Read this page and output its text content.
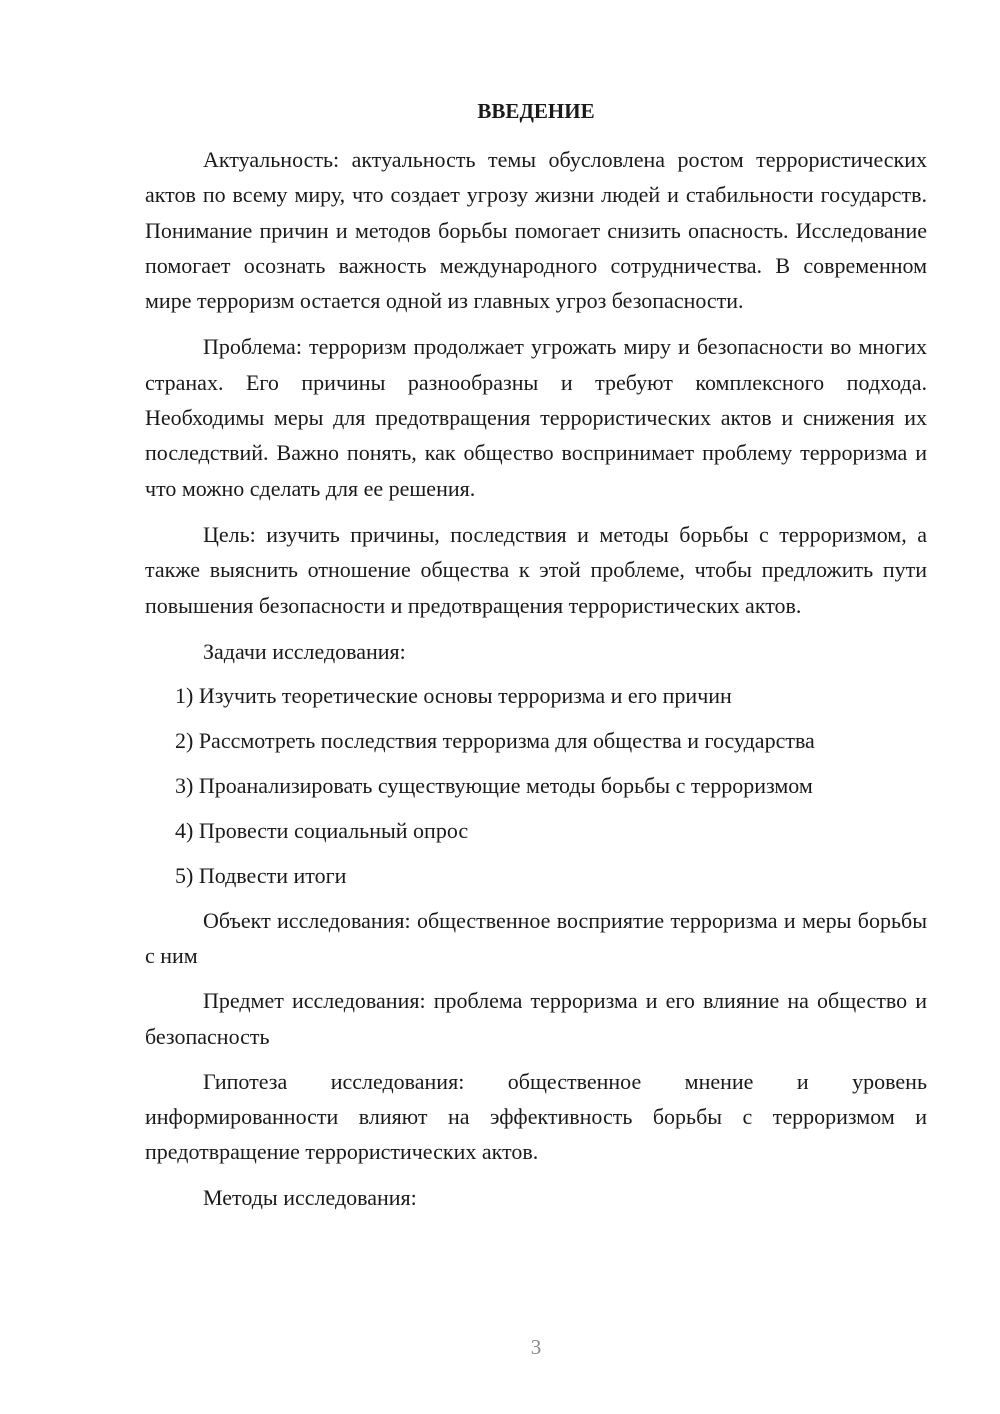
ВВЕДЕНИЕ

Актуальность: актуальность темы обусловлена ростом террористических актов по всему миру, что создает угрозу жизни людей и стабильности государств. Понимание причин и методов борьбы помогает снизить опасность. Исследование помогает осознать важность международного сотрудничества. В современном мире терроризм остается одной из главных угроз безопасности.

Проблема: терроризм продолжает угрожать миру и безопасности во многих странах. Его причины разнообразны и требуют комплексного подхода. Необходимы меры для предотвращения террористических актов и снижения их последствий. Важно понять, как общество воспринимает проблему терроризма и что можно сделать для ее решения.

Цель: изучить причины, последствия и методы борьбы с терроризмом, а также выяснить отношение общества к этой проблеме, чтобы предложить пути повышения безопасности и предотвращения террористических актов.

Задачи исследования:

1) Изучить теоретические основы терроризма и его причин

2) Рассмотреть последствия терроризма для общества и государства

3) Проанализировать существующие методы борьбы с терроризмом

4) Провести социальный опрос

5) Подвести итоги

Объект исследования: общественное восприятие терроризма и меры борьбы с ним

Предмет исследования: проблема терроризма и его влияние на общество и безопасность

Гипотеза исследования: общественное мнение и уровень информированности влияют на эффективность борьбы с терроризмом и предотвращение террористических актов.

Методы исследования:

3
